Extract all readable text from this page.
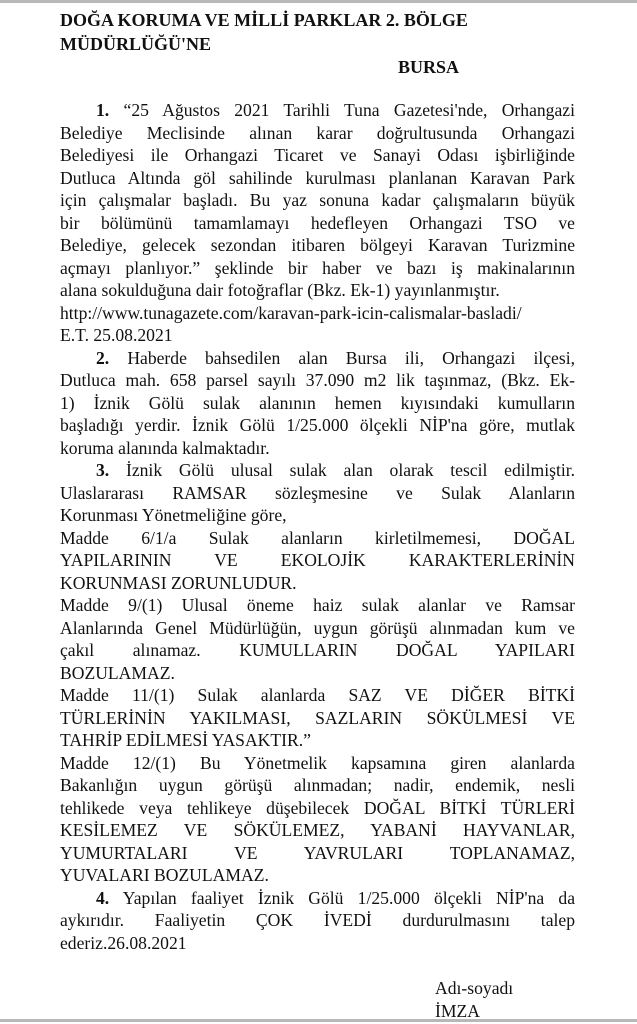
DOĞA KORUMA VE MİLLİ PARKLAR 2. BÖLGE
MÜDÜRLÜĞÜ'NE
BURSA
1. “25 Ağustos 2021 Tarihli Tuna Gazetesi'nde, Orhangazi
Belediye Meclisinde alınan karar doğrultusunda Orhangazi
Belediyesi ile Orhangazi Ticaret ve Sanayi Odası işbirliğinde
Dutluca Altında göl sahilinde kurulması planlanan Karavan Park
için çalışmalar başladı. Bu yaz sonuna kadar çalışmaların büyük
bir bölümünü tamamlamayı hedefleyen Orhangazi TSO ve
Belediye, gelecek sezondan itibaren bölgeyi Karavan Turizmine
açmayı planlıyor.” şeklinde bir haber ve bazı iş makinalarının
alana sokulduğuna dair fotoğraflar (Bkz. Ek-1) yayınlanmıştır.
http://www.tunagazete.com/karavan-park-icin-calismalar-basladi/
E.T. 25.08.2021
2. Haberde bahsedilen alan Bursa ili, Orhangazi ilçesi,
Dutluca mah. 658 parsel sayılı 37.090 m2 lik taşınmaz, (Bkz. Ek-
1) İznik Gölü sulak alanının hemen kıyısındaki kumulların
başladığı yerdir. İznik Gölü 1/25.000 ölçekli NİP'na göre, mutlak
koruma alanında kalmaktadır.
3. İznik Gölü ulusal sulak alan olarak tescil edilmiştir.
Ulaslararası RAMSAR sözleşmesine ve Sulak Alanların
Korunması Yönetmeliğine göre,
Madde 6/1/a Sulak alanların kirletilmemesi, DOĞAL
YAPILARININ VE EKOLOJİK KARAKTERLERİNİN
KORUNMASI ZORUNLUDUR.
Madde 9/(1) Ulusal öneme haiz sulak alanlar ve Ramsar
Alanlarında Genel Müdürlüğün, uygun görüşü alınmadan kum ve
çakıl alınamaz. KUMULLARIN DOĞAL YAPILARI
BOZULAMAZ.
Madde 11/(1) Sulak alanlarda SAZ VE DİĞER BİTKİ
TÜRLERİNİN YAKILMASI, SAZLARIN SÖKÜLMESİ VE
TAHRİP EDİLMESİ YASAKTIR.”
Madde 12/(1) Bu Yönetmelik kapsamına giren alanlarda
Bakanlığın uygun görüşü alınmadan; nadir, endemik, nesli
tehlikede veya tehlikeye düşebilecek DOĞAL BİTKİ TÜRLERİ
KESİLEMEZ VE SÖKÜLEMEZ, YABANİ HAYVANLAR,
YUMURTALARI VE YAVRULARI TOPLANAMAZ,
YUVALARI BOZULAMAZ.
4. Yapılan faaliyet İznik Gölü 1/25.000 ölçekli NİP'na da
aykırıdır. Faaliyetin ÇOK İVEDİ durdurulmasını talep
ederiz.26.08.2021
Adı-soyadı
İMZA
